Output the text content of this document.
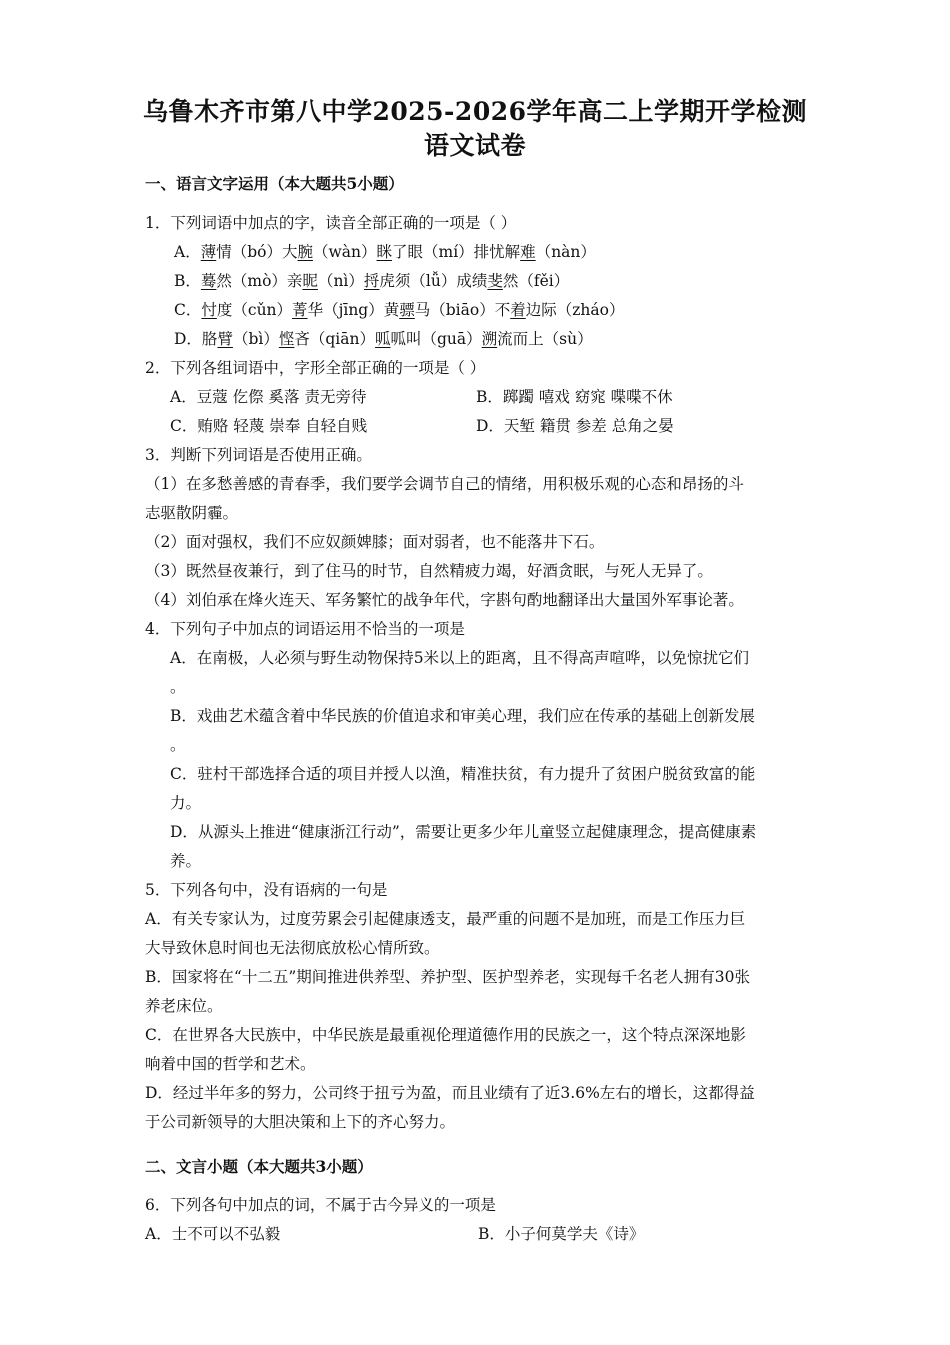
乌鲁木齐市第八中学2025-2026学年高二上学期开学检测
语文试卷
一、语言文字运用（本大题共5小题）
1．下列词语中加点的字，读音全部正确的一项是（ ）
A．薄情（bó）大腕（wàn）眯了眼（mí）排忧解难（nàn）
B．蓦然（mò）亲昵（nì）捋虎须（lǚ）成绩斐然（fěi）
C．忖度（cǔn）菁华（jīng）黄骠马（biāo）不着边际（zháo）
D．胳臂（bì）悭吝（qiān）呱呱叫（guā）溯流而上（sù）
2．下列各组词语中，字形全部正确的一项是（ ）
A．豆蔻 仡傺 奚落 责无旁待	B．踯躅 嘻戏 窈窕 喋喋不休
C．贿赂 轻蔑 崇奉 自轻自贱	D．天堑 籍贯 参差 总角之晏
3．判断下列词语是否使用正确。
（1）在多愁善感的青春季，我们要学会调节自己的情绪，用积极乐观的心态和昂扬的斗
志驱散阴霾。
（2）面对强权，我们不应奴颜婢膝；面对弱者，也不能落井下石。
（3）既然昼夜兼行，到了住马的时节，自然精疲力竭，好酒贪眠，与死人无异了。
（4）刘伯承在烽火连天、军务繁忙的战争年代，字斟句酌地翻译出大量国外军事论著。
4．下列句子中加点的词语运用不恰当的一项是
A．在南极，人必须与野生动物保持5米以上的距离，且不得高声喧哗，以免惊扰它们
。
B．戏曲艺术蕴含着中华民族的价值追求和审美心理，我们应在传承的基础上创新发展
。
C．驻村干部选择合适的项目并授人以渔，精准扶贫，有力提升了贫困户脱贫致富的能
力。
D．从源头上推进“健康浙江行动”，需要让更多少年儿童竖立起健康理念，提高健康素
养。
5．下列各句中，没有语病的一句是
A．有关专家认为，过度劳累会引起健康透支，最严重的问题不是加班，而是工作压力巨
大导致休息时间也无法彻底放松心情所致。
B．国家将在“十二五”期间推进供养型、养护型、医护型养老，实现每千名老人拥有30张
养老床位。
C．在世界各大民族中，中华民族是最重视伦理道德作用的民族之一，这个特点深深地影
响着中国的哲学和艺术。
D．经过半年多的努力，公司终于扭亏为盈，而且业绩有了近3.6%左右的增长，这都得益
于公司新领导的大胆决策和上下的齐心努力。
二、文言小题（本大题共3小题）
6．下列各句中加点的词，不属于古今异义的一项是
A．士不可以不弘毅	B．小子何莫学夫《诗》
